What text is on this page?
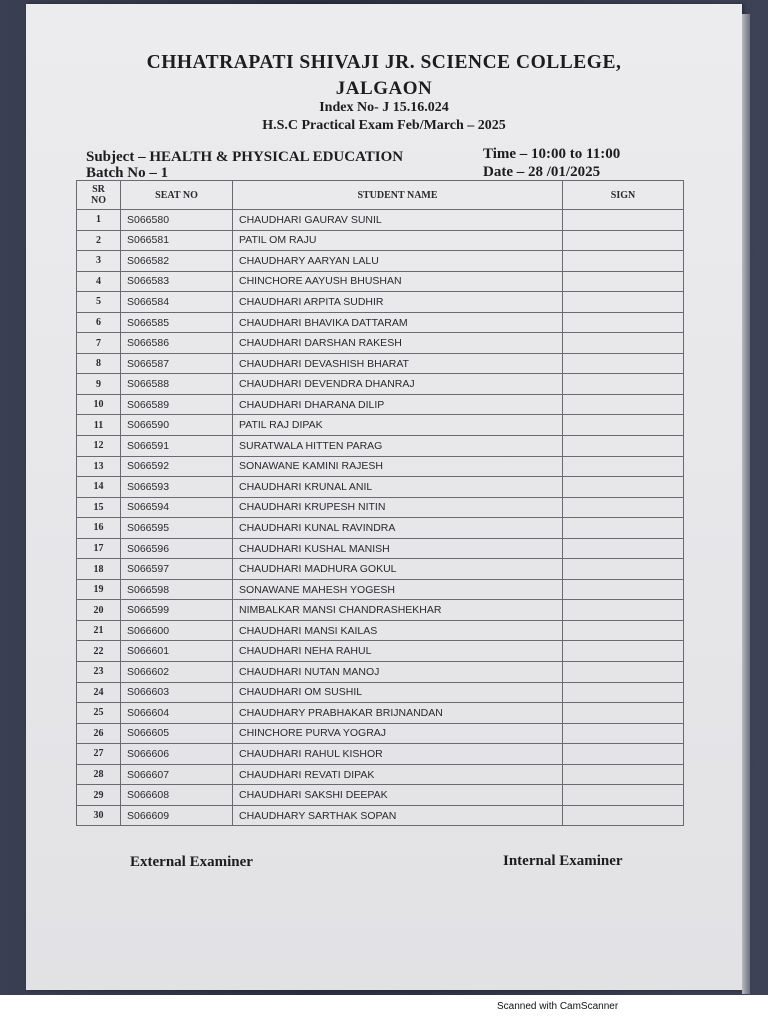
CHHATRAPATI SHIVAJI JR. SCIENCE COLLEGE,
JALGAON
Index No- J 15.16.024
H.S.C Practical Exam Feb/March – 2025
Subject – HEALTH & PHYSICAL EDUCATION
Batch No – 1
Time – 10:00 to 11:00
Date – 28 /01/2025
SR
NO	SEAT NO	STUDENT NAME	SIGN
1	S066580	CHAUDHARI GAURAV SUNIL
2	S066581	PATIL OM RAJU
3	S066582	CHAUDHARY AARYAN LALU
4	S066583	CHINCHORE AAYUSH BHUSHAN
5	S066584	CHAUDHARI ARPITA SUDHIR
6	S066585	CHAUDHARI BHAVIKA DATTARAM
7	S066586	CHAUDHARI DARSHAN RAKESH
8	S066587	CHAUDHARI DEVASHISH BHARAT
9	S066588	CHAUDHARI DEVENDRA DHANRAJ
10	S066589	CHAUDHARI DHARANA DILIP
11	S066590	PATIL RAJ DIPAK
12	S066591	SURATWALA HITTEN PARAG
13	S066592	SONAWANE KAMINI RAJESH
14	S066593	CHAUDHARI KRUNAL ANIL
15	S066594	CHAUDHARI KRUPESH NITIN
16	S066595	CHAUDHARI KUNAL RAVINDRA
17	S066596	CHAUDHARI KUSHAL MANISH
18	S066597	CHAUDHARI MADHURA GOKUL
19	S066598	SONAWANE MAHESH YOGESH
20	S066599	NIMBALKAR MANSI CHANDRASHEKHAR
21	S066600	CHAUDHARI MANSI KAILAS
22	S066601	CHAUDHARI NEHA RAHUL
23	S066602	CHAUDHARI NUTAN MANOJ
24	S066603	CHAUDHARI OM SUSHIL
25	S066604	CHAUDHARY PRABHAKAR BRIJNANDAN
26	S066605	CHINCHORE PURVA YOGRAJ
27	S066606	CHAUDHARI RAHUL KISHOR
28	S066607	CHAUDHARI REVATI DIPAK
29	S066608	CHAUDHARI SAKSHI DEEPAK
30	S066609	CHAUDHARY SARTHAK SOPAN
External Examiner	Internal Examiner
Scanned with CamScanner
